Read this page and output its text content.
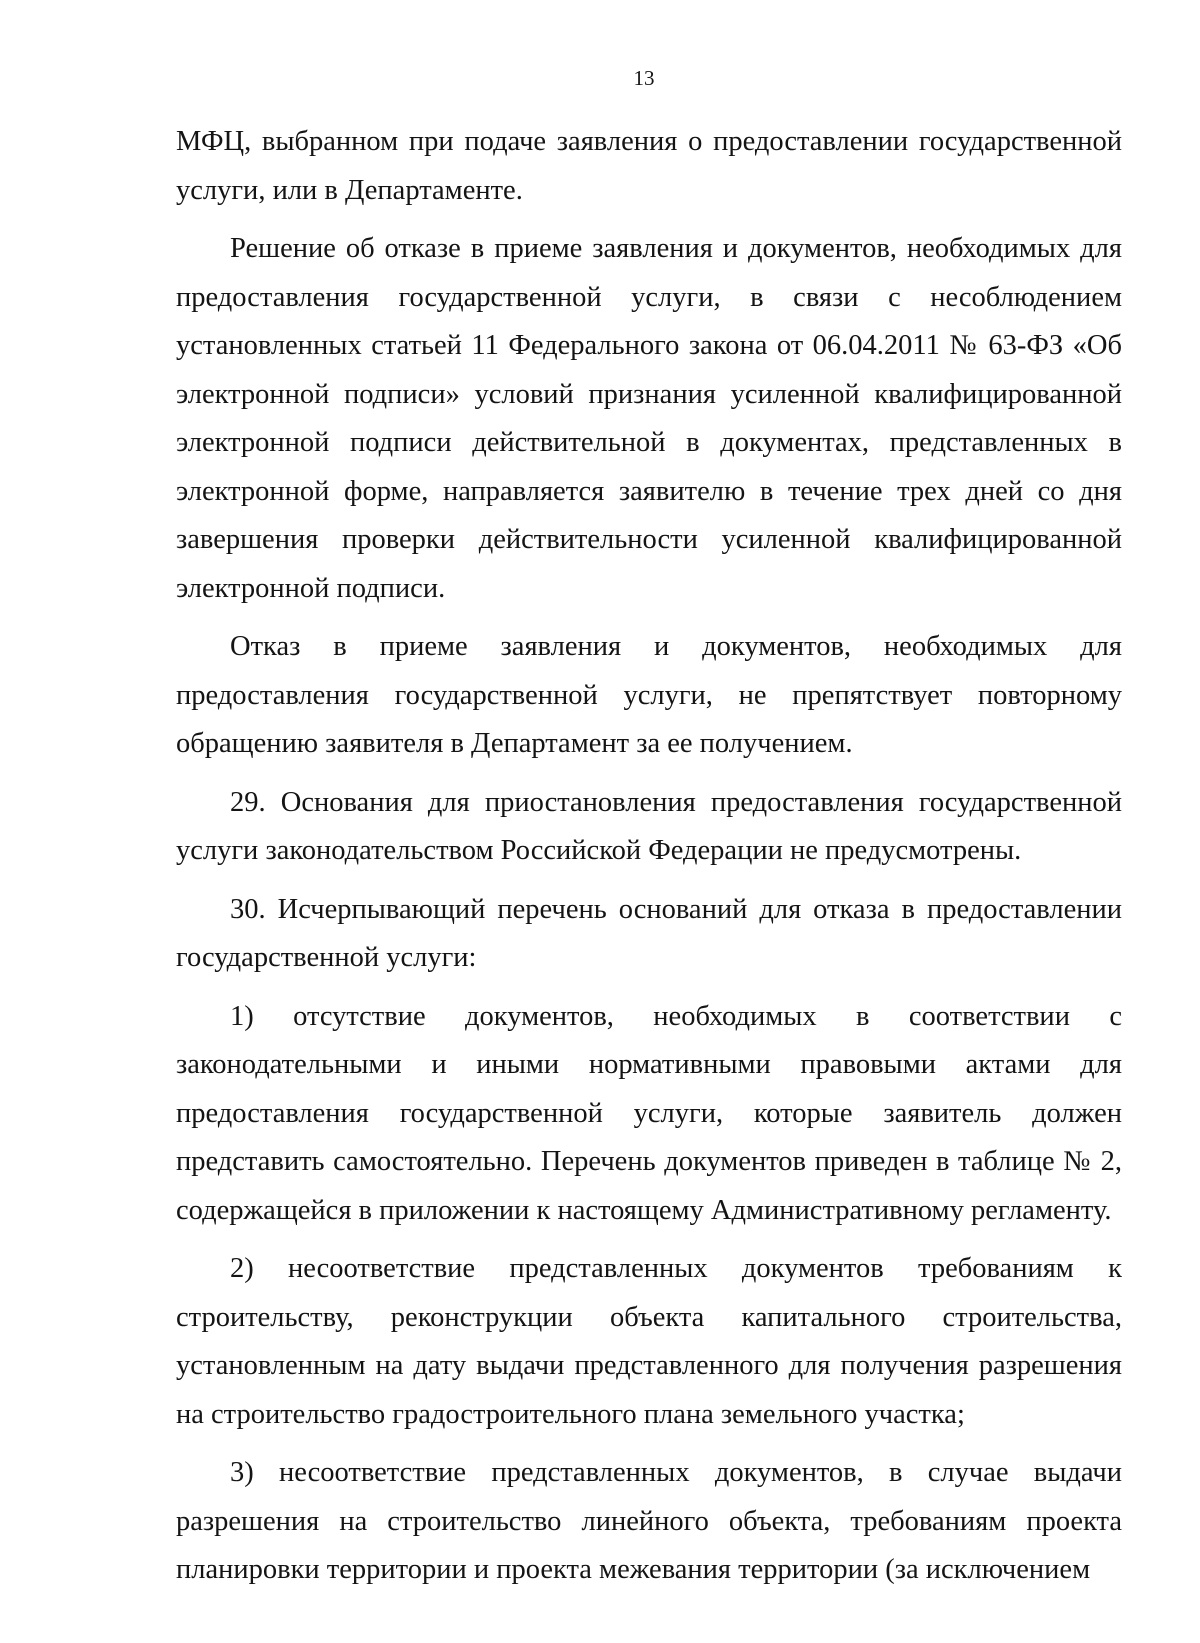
13

МФЦ, выбранном при подаче заявления о предоставлении государственной услуги, или в Департаменте.

Решение об отказе в приеме заявления и документов, необходимых для предоставления государственной услуги, в связи с несоблюдением установленных статьей 11 Федерального закона от 06.04.2011 № 63-ФЗ «Об электронной подписи» условий признания усиленной квалифицированной электронной подписи действительной в документах, представленных в электронной форме, направляется заявителю в течение трех дней со дня завершения проверки действительности усиленной квалифицированной электронной подписи.

Отказ в приеме заявления и документов, необходимых для предоставления государственной услуги, не препятствует повторному обращению заявителя в Департамент за ее получением.

29. Основания для приостановления предоставления государственной услуги законодательством Российской Федерации не предусмотрены.

30. Исчерпывающий перечень оснований для отказа в предоставлении государственной услуги:

1) отсутствие документов, необходимых в соответствии с законодательными и иными нормативными правовыми актами для предоставления государственной услуги, которые заявитель должен представить самостоятельно. Перечень документов приведен в таблице № 2, содержащейся в приложении к настоящему Административному регламенту.

2) несоответствие представленных документов требованиям к строительству, реконструкции объекта капитального строительства, установленным на дату выдачи представленного для получения разрешения на строительство градостроительного плана земельного участка;

3) несоответствие представленных документов, в случае выдачи разрешения на строительство линейного объекта, требованиям проекта планировки территории и проекта межевания территории (за исключением
